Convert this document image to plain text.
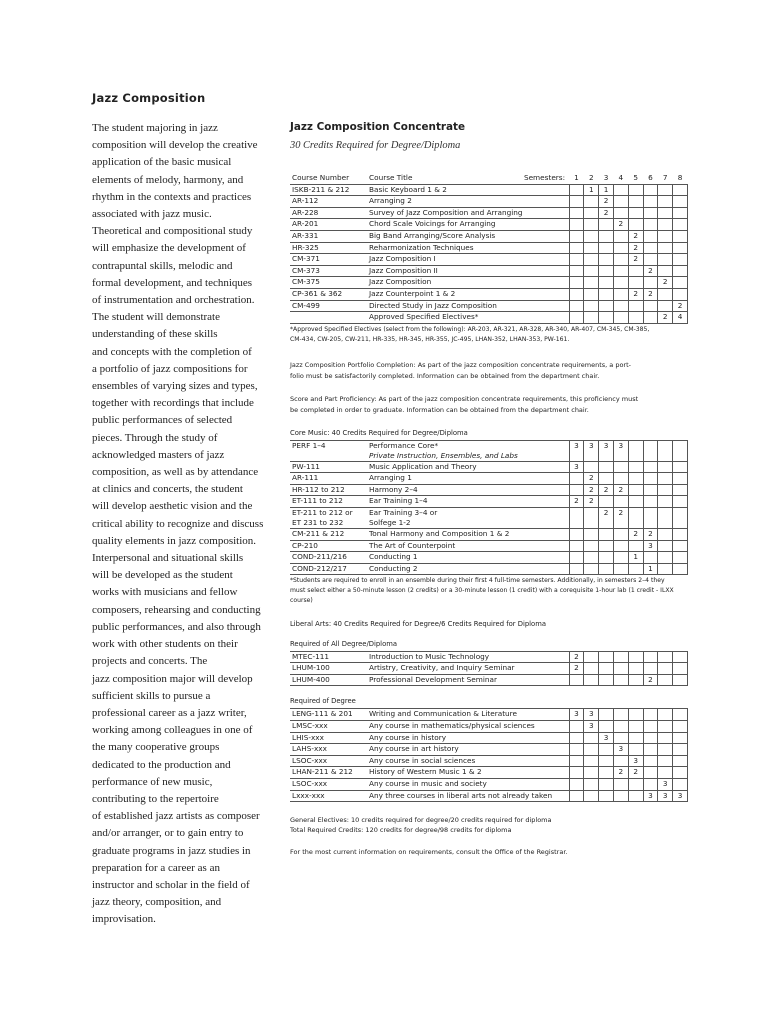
Jazz Composition

The student majoring in jazz
composition will develop the creative
application of the basic musical
elements of melody, harmony, and
rhythm in the contexts and practices
associated with jazz music.
Theoretical and compositional study
will emphasize the development of
contrapuntal skills, melodic and
formal development, and techniques
of instrumentation and orchestration.
The student will demonstrate
understanding of these skills
and concepts with the completion of
a portfolio of jazz compositions for
ensembles of varying sizes and types,
together with recordings that include
public performances of selected
pieces. Through the study of
acknowledged masters of jazz
composition, as well as by attendance
at clinics and concerts, the student
will develop aesthetic vision and the
critical ability to recognize and discuss
quality elements in jazz composition.
Interpersonal and situational skills
will be developed as the student
works with musicians and fellow
composers, rehearsing and conducting
public performances, and also through
work with other students on their
projects and concerts. The
jazz composition major will develop
sufficient skills to pursue a
professional career as a jazz writer,
working among colleagues in one of
the many cooperative groups
dedicated to the production and
performance of new music,
contributing to the repertoire
of established jazz artists as composer
and/or arranger, or to gain entry to
graduate programs in jazz studies in
preparation for a career as an
instructor and scholar in the field of
jazz theory, composition, and
improvisation.

Jazz Composition Concentrate

30 Credits Required for Degree/Diploma

Course Number	Course Title Semesters:	1	2	3	4	5	6	7	8
ISKB-211 & 212	Basic Keyboard 1 & 2		1	1					
AR-112	Arranging 2			2					
AR-228	Survey of Jazz Composition and Arranging			2					
AR-201	Chord Scale Voicings for Arranging				2				
AR-331	Big Band Arranging/Score Analysis					2			
HR-325	Reharmonization Techniques					2			
CM-371	Jazz Composition I					2			
CM-373	Jazz Composition II						2		
CM-375	Jazz Composition							2	
CP-361 & 362	Jazz Counterpoint 1 & 2					2	2		
CM-499	Directed Study in Jazz Composition								2
	Approved Specified Electives*							2	4

*Approved Specified Electives (select from the following): AR-203, AR-321, AR-328, AR-340, AR-407, CM-345, CM-385,
CM-434, CW-205, CW-211, HR-335, HR-345, HR-355, JC-495, LHAN-352, LHAN-353, PW-161.

Jazz Composition Portfolio Completion: As part of the jazz composition concentrate requirements, a port-
folio must be satisfactorily completed. Information can be obtained from the department chair.

Score and Part Proficiency: As part of the jazz composition concentrate requirements, this proficiency must
be completed in order to graduate. Information can be obtained from the department chair.

Core Music: 40 Credits Required for Degree/Diploma

PERF 1–4	Performance Core*
Private Instruction, Ensembles, and Labs	3	3	3	3				
PW-111	Music Application and Theory	3							
AR-111	Arranging 1		2						
HR-112 to 212	Harmony 2–4		2	2	2				
ET-111 to 212	Ear Training 1–4	2	2						
ET-211 to 212 or
ET 231 to 232	Ear Training 3–4 or
Solfege 1-2			2	2				
CM-211 & 212	Tonal Harmony and Composition 1 & 2					2	2		
CP-210	The Art of Counterpoint						3		
COND-211/216	Conducting 1					1			
COND-212/217	Conducting 2						1		

*Students are required to enroll in an ensemble during their first 4 full-time semesters. Additionally, in semesters 2–4 they
must select either a 50-minute lesson (2 credits) or a 30-minute lesson (1 credit) with a corequisite 1-hour lab (1 credit - ILXX
course)

Liberal Arts: 40 Credits Required for Degree/6 Credits Required for Diploma

Required of All Degree/Diploma

MTEC-111	Introduction to Music Technology	2							
LHUM-100	Artistry, Creativity, and Inquiry Seminar	2							
LHUM-400	Professional Development Seminar						2		

Required of Degree

LENG-111 & 201	Writing and Communication & Literature	3	3						
LMSC-xxx	Any course in mathematics/physical sciences		3						
LHIS-xxx	Any course in history			3					
LAHS-xxx	Any course in art history				3				
LSOC-xxx	Any course in social sciences					3			
LHAN-211 & 212	History of Western Music 1 & 2				2	2			
LSOC-xxx	Any course in music and society							3	
Lxxx-xxx	Any three courses in liberal arts not already taken						3	3	3

General Electives: 10 credits required for degree/20 credits required for diploma
Total Required Credits: 120 credits for degree/98 credits for diploma

For the most current information on requirements, consult the Office of the Registrar.
